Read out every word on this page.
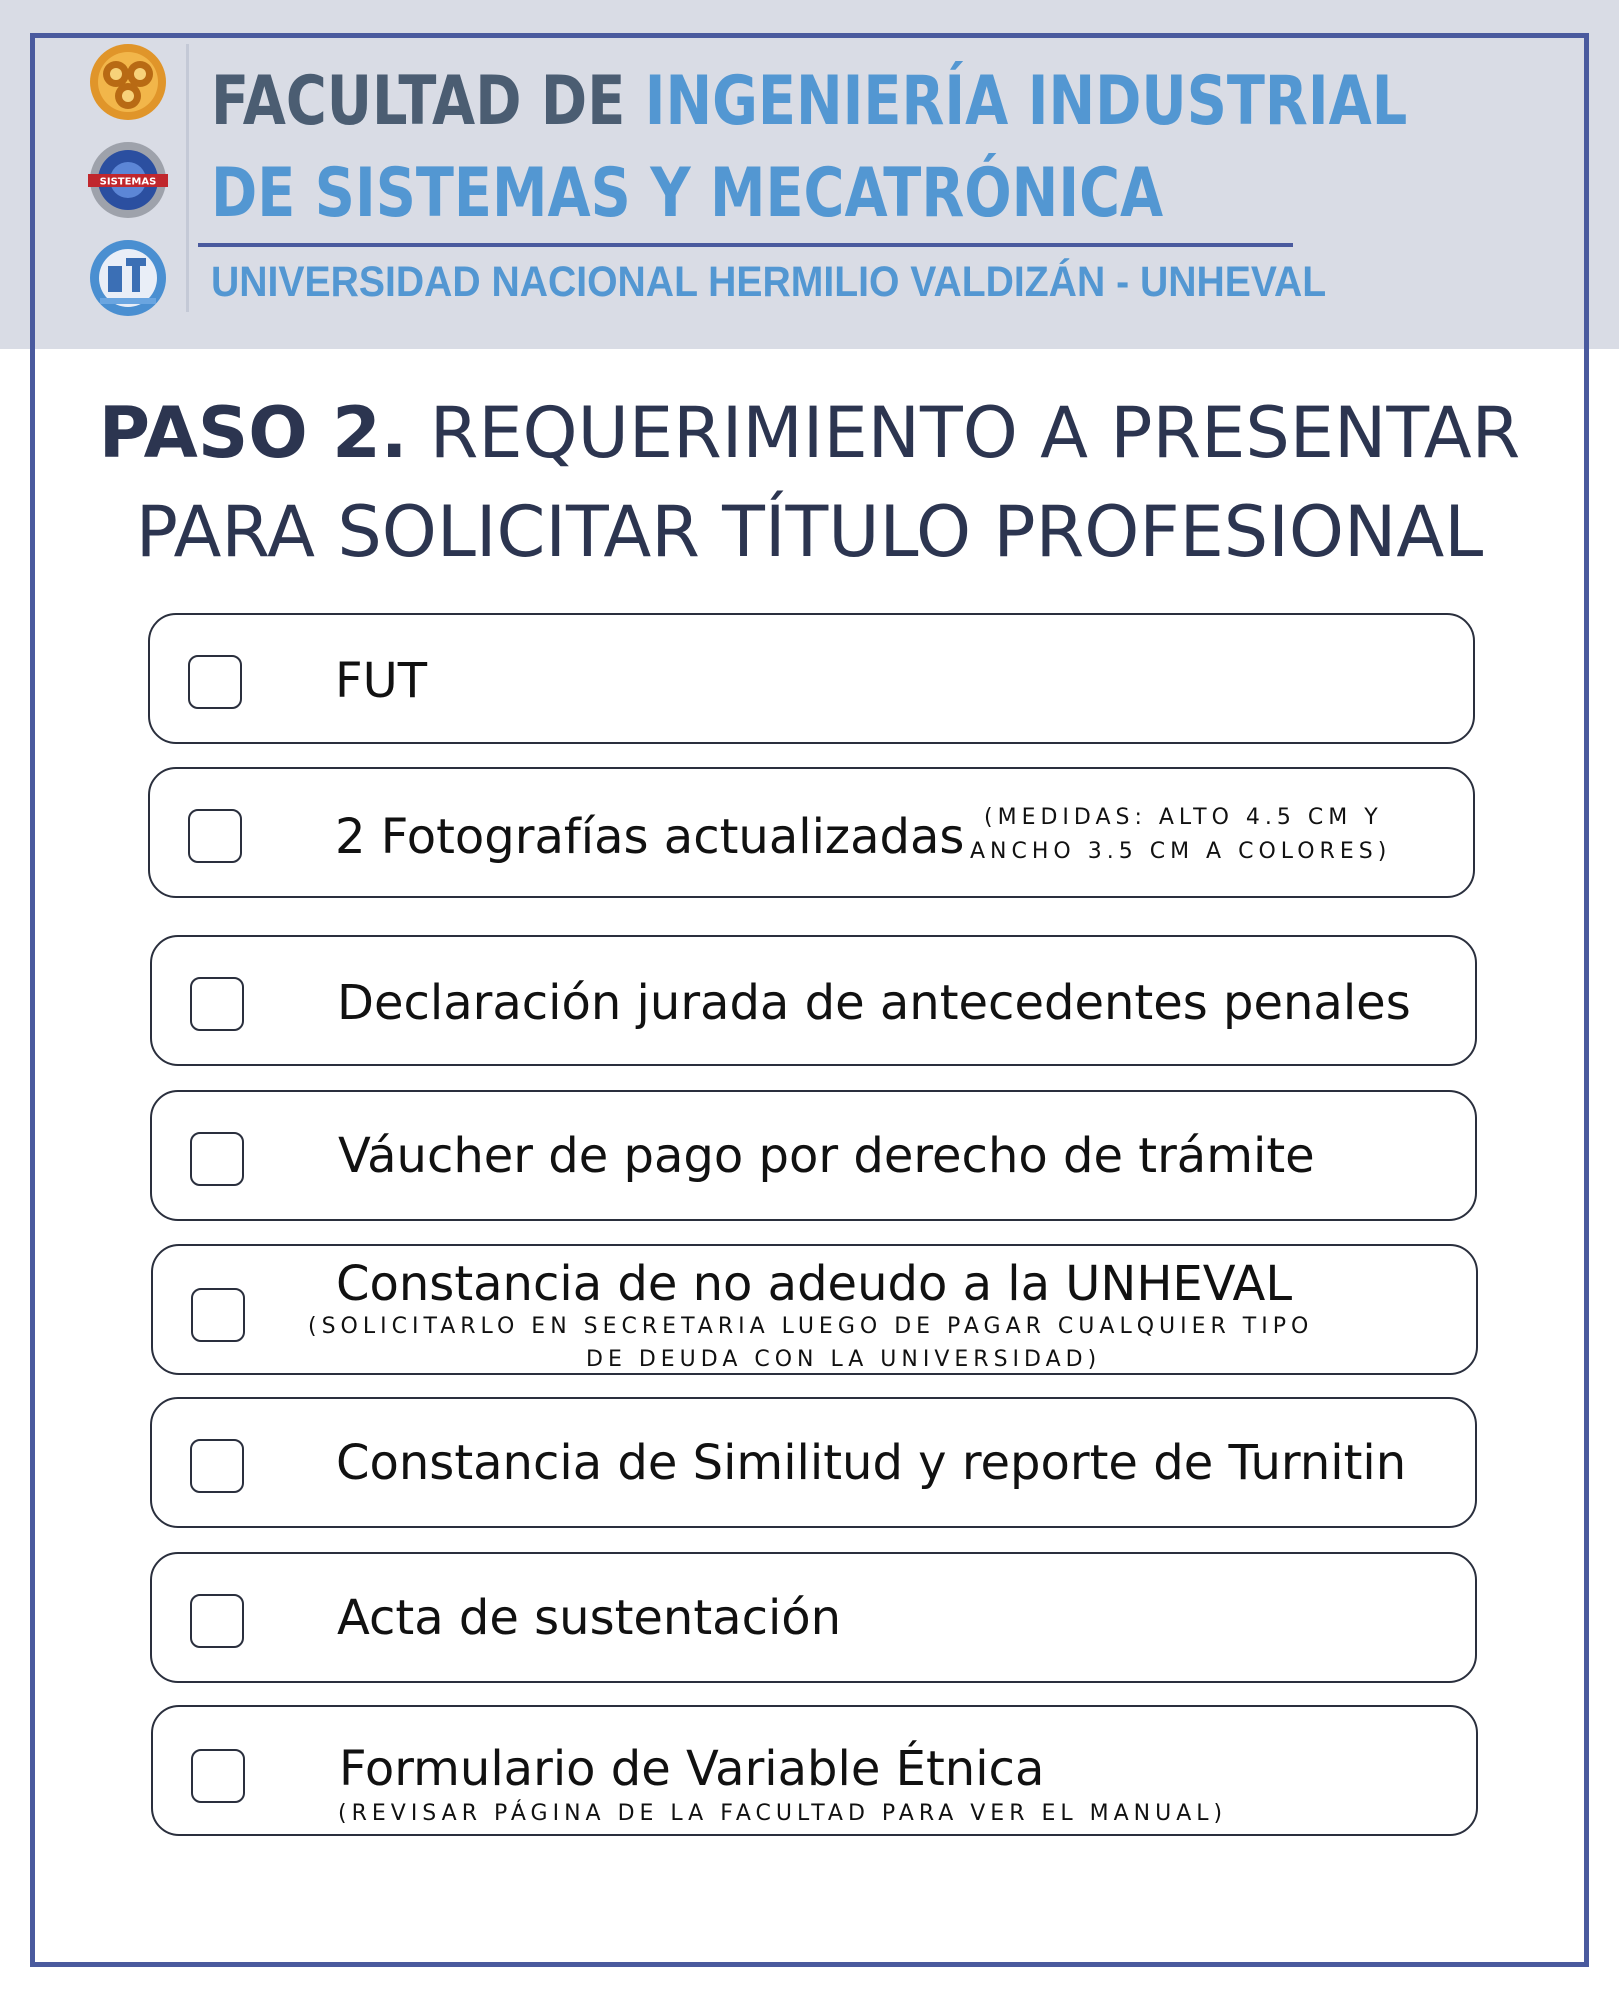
SISTEMAS
FACULTAD DE INGENIERÍA INDUSTRIAL
DE SISTEMAS Y MECATRÓNICA
UNIVERSIDAD NACIONAL HERMILIO VALDIZÁN - UNHEVAL
PASO 2. REQUERIMIENTO A PRESENTAR
PARA SOLICITAR TÍTULO PROFESIONAL
FUT
2 Fotografías actualizadas (MEDIDAS: ALTO 4.5 CM Y
ANCHO 3.5 CM A COLORES)
Declaración jurada de antecedentes penales
Váucher de pago por derecho de trámite
Constancia de no adeudo a la UNHEVAL
(SOLICITARLO EN SECRETARIA LUEGO DE PAGAR CUALQUIER TIPO
DE DEUDA CON LA UNIVERSIDAD)
Constancia de Similitud y reporte de Turnitin
Acta de sustentación
Formulario de Variable Étnica
(REVISAR PÁGINA DE LA FACULTAD PARA VER EL MANUAL)
